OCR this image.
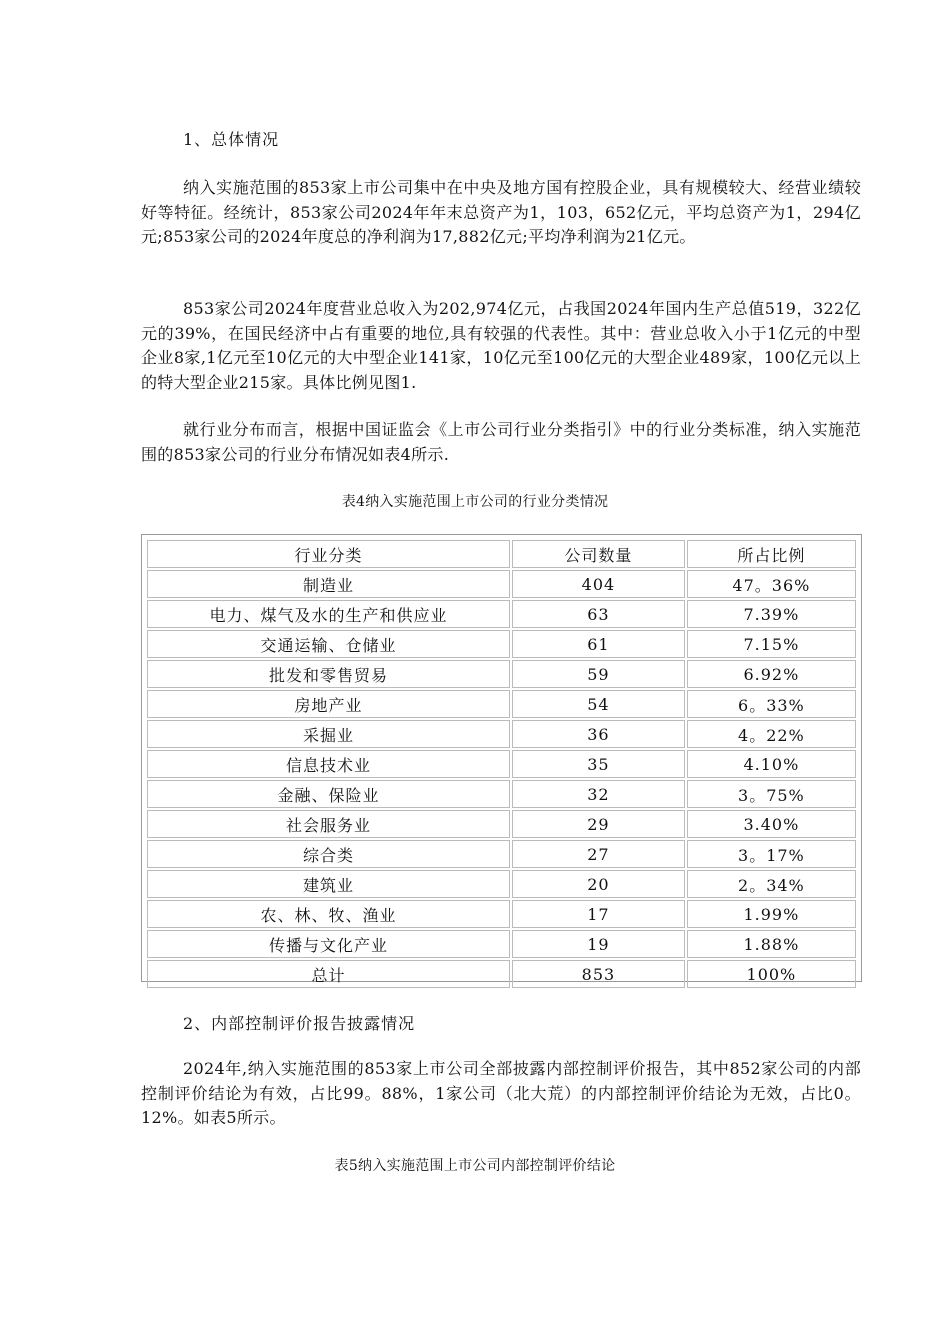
1、总体情况
纳入实施范围的853家上市公司集中在中央及地方国有控股企业，具有规模较大、经营业绩较好等特征。经统计，853家公司2024年年末总资产为1，103，652亿元，平均总资产为1，294亿元;853家公司的2024年度总的净利润为17,882亿元;平均净利润为21亿元。
853家公司2024年度营业总收入为202,974亿元，占我国2024年国内生产总值519，322亿元的39%，在国民经济中占有重要的地位,具有较强的代表性。其中：营业总收入小于1亿元的中型企业8家,1亿元至10亿元的大中型企业141家，10亿元至100亿元的大型企业489家，100亿元以上的特大型企业215家。具体比例见图1.
就行业分布而言，根据中国证监会《上市公司行业分类指引》中的行业分类标准，纳入实施范围的853家公司的行业分布情况如表4所示.
表4纳入实施范围上市公司的行业分类情况
行业分类	公司数量	所占比例
制造业	404	47。36%
电力、煤气及水的生产和供应业	63	7.39%
交通运输、仓储业	61	7.15%
批发和零售贸易	59	6.92%
房地产业	54	6。33%
采掘业	36	4。22%
信息技术业	35	4.10%
金融、保险业	32	3。75%
社会服务业	29	3.40%
综合类	27	3。17%
建筑业	20	2。34%
农、林、牧、渔业	17	1.99%
传播与文化产业	19	1.88%
总计	853	100%
2、内部控制评价报告披露情况
2024年,纳入实施范围的853家上市公司全部披露内部控制评价报告，其中852家公司的内部控制评价结论为有效，占比99。88%，1家公司（北大荒）的内部控制评价结论为无效，占比0。12%。如表5所示。
表5纳入实施范围上市公司内部控制评价结论
